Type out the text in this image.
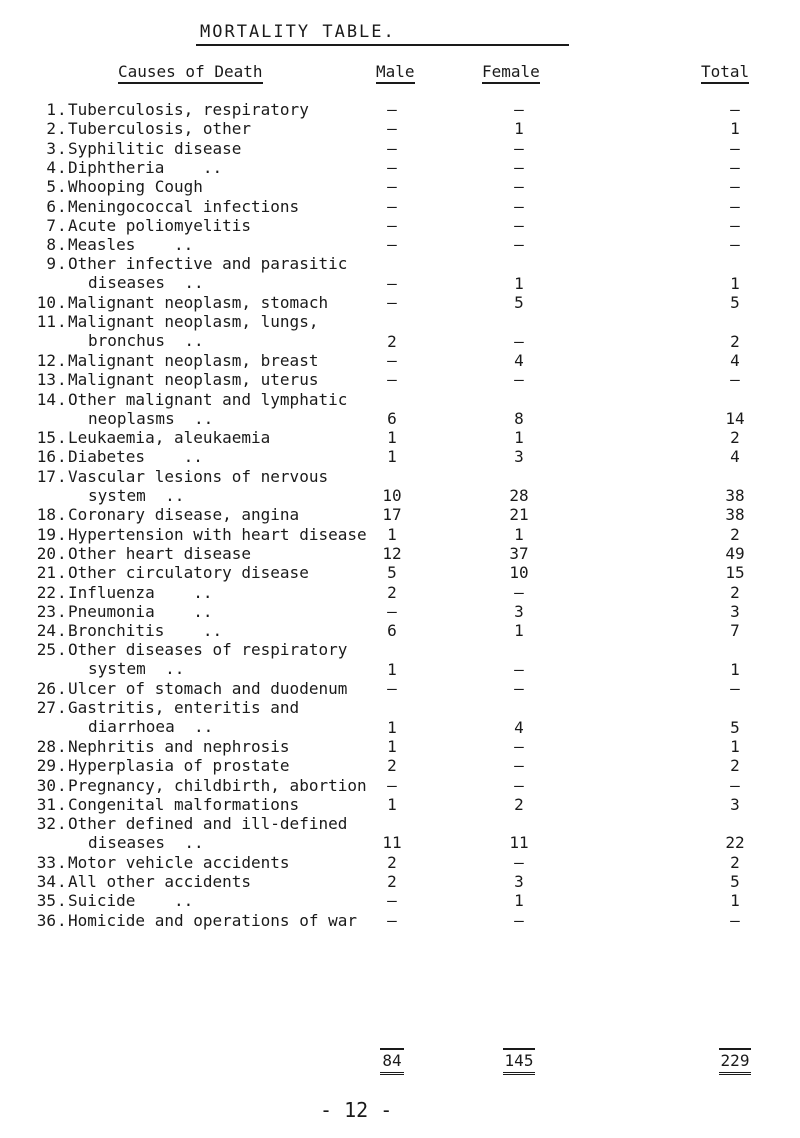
MORTALITY TABLE.
Causes of Death	Male	Female	Total
1 . Tuberculosis, respiratory	–	–	–
2 . Tuberculosis, other	–	1	1
3 . Syphilitic disease	–	–	–
4 . Diphtheria    ..	–	–	–
5 . Whooping Cough	–	–	–
6 . Meningococcal infections	–	–	–
7 . Acute poliomyelitis	–	–	–
8 . Measles    ..	–	–	–
9 . Other infective and parasitic
diseases  ..	–	1	1
10 . Malignant neoplasm, stomach	–	5	5
11 . Malignant neoplasm, lungs,
bronchus  ..	2	–	2
12 . Malignant neoplasm, breast	–	4	4
13 . Malignant neoplasm, uterus	–	–	–
14 . Other malignant and lymphatic
neoplasms  ..	6	8	14
15 . Leukaemia, aleukaemia	1	1	2
16 . Diabetes    ..	1	3	4
17 . Vascular lesions of nervous
system  ..	10	28	38
18 . Coronary disease, angina	17	21	38
19 . Hypertension with heart disease	1	1	2
20 . Other heart disease	12	37	49
21 . Other circulatory disease	5	10	15
22 . Influenza    ..	2	–	2
23 . Pneumonia    ..	–	3	3
24 . Bronchitis    ..	6	1	7
25 . Other diseases of respiratory
system  ..	1	–	1
26 . Ulcer of stomach and duodenum	–	–	–
27 . Gastritis, enteritis and
diarrhoea  ..	1	4	5
28 . Nephritis and nephrosis	1	–	1
29 . Hyperplasia of prostate	2	–	2
30 . Pregnancy, childbirth, abortion	–	–	–
31 . Congenital malformations	1	2	3
32 . Other defined and ill-defined
diseases  ..	11	11	22
33 . Motor vehicle accidents	2	–	2
34 . All other accidents	2	3	5
35 . Suicide    ..	–	1	1
36 . Homicide and operations of war	–	–	–
84	145	229
- 12 -
